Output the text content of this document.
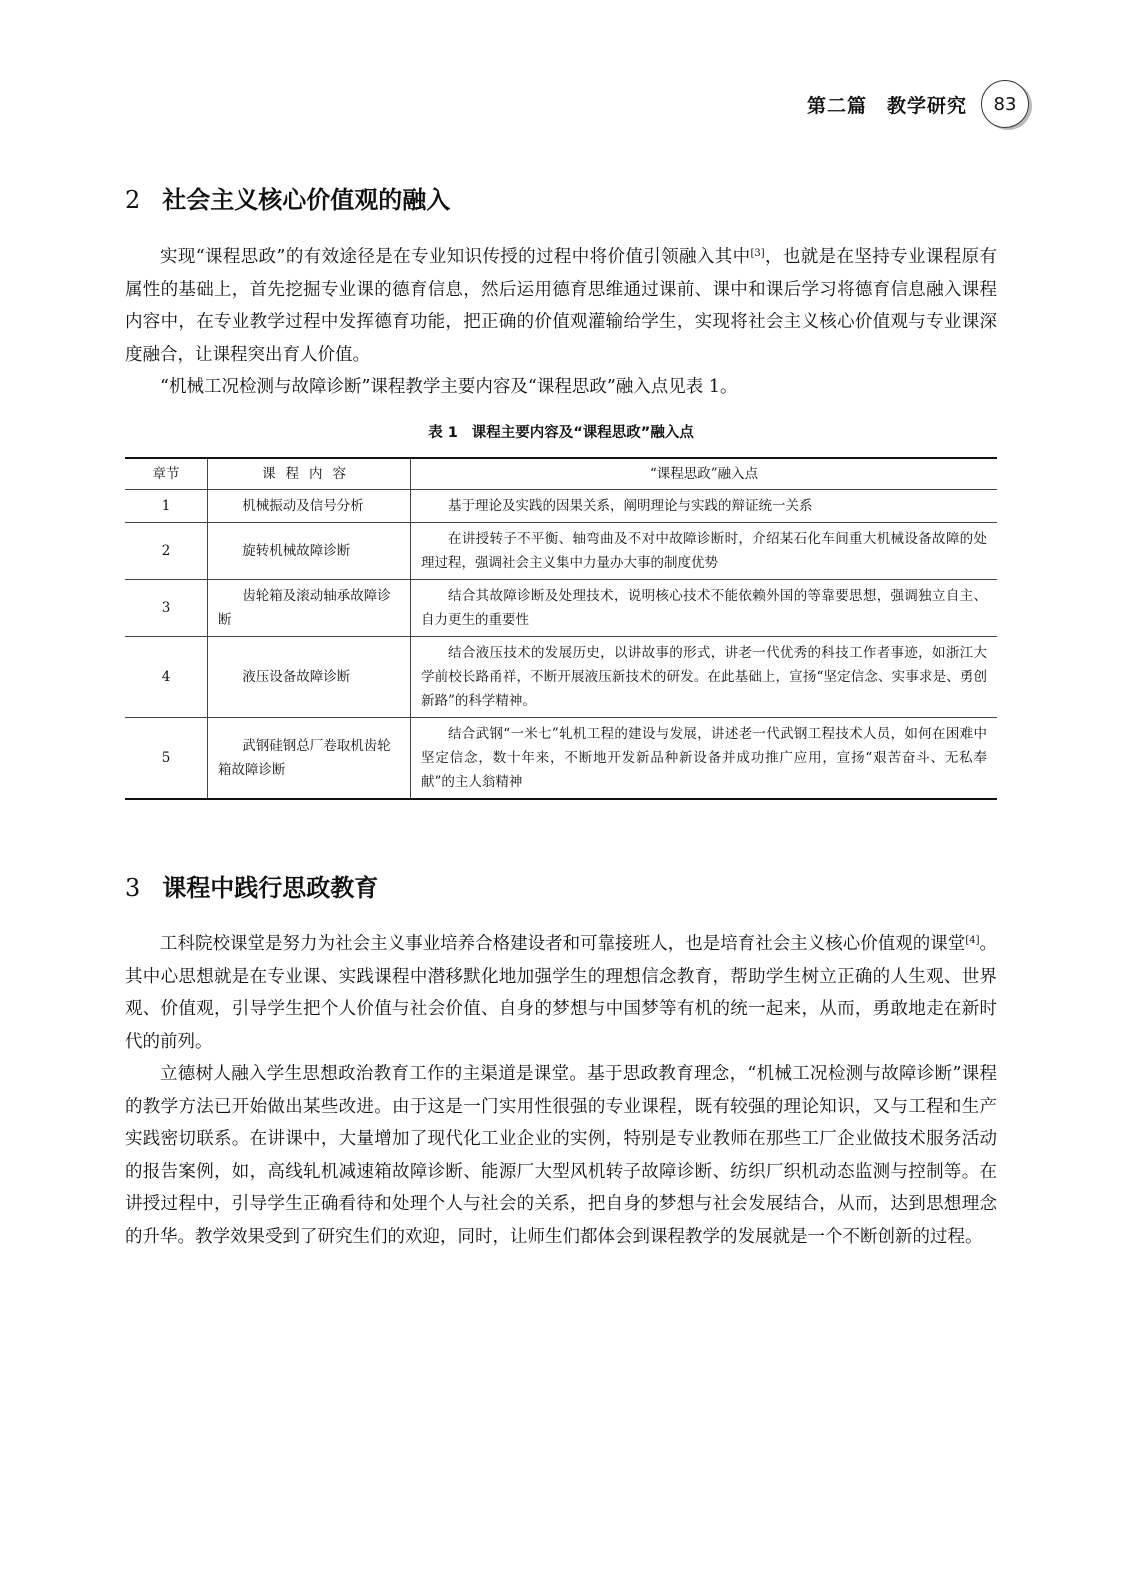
第二篇　教学研究	83
2 社会主义核心价值观的融入

实现“课程思政”的有效途径是在专业知识传授的过程中将价值引领融入其中[3]，也就是在坚持专业课程原有属性的基础上，首先挖掘专业课的德育信息，然后运用德育思维通过课前、课中和课后学习将德育信息融入课程内容中，在专业教学过程中发挥德育功能，把正确的价值观灌输给学生，实现将社会主义核心价值观与专业课深度融合，让课程突出育人价值。

“机械工况检测与故障诊断”课程教学主要内容及“课程思政”融入点见表 1。

表 1 课程主要内容及“课程思政”融入点

章节	课程内容	“课程思政”融入点
1	机械振动及信号分析	基于理论及实践的因果关系，阐明理论与实践的辩证统一关系
2	旋转机械故障诊断	在讲授转子不平衡、轴弯曲及不对中故障诊断时，介绍某石化车间重大机械设备故障的处理过程，强调社会主义集中力量办大事的制度优势
3	齿轮箱及滚动轴承故障诊断	结合其故障诊断及处理技术，说明核心技术不能依赖外国的等靠要思想，强调独立自主、自力更生的重要性
4	液压设备故障诊断	结合液压技术的发展历史，以讲故事的形式，讲老一代优秀的科技工作者事迹，如浙江大学前校长路甬祥，不断开展液压新技术的研发。在此基础上，宣扬“坚定信念、实事求是、勇创新路”的科学精神。
5	武钢硅钢总厂卷取机齿轮箱故障诊断	结合武钢“一米七”轧机工程的建设与发展，讲述老一代武钢工程技术人员，如何在困难中坚定信念，数十年来，不断地开发新品种新设备并成功推广应用，宣扬“艰苦奋斗、无私奉献”的主人翁精神
3 课程中践行思政教育

工科院校课堂是努力为社会主义事业培养合格建设者和可靠接班人，也是培育社会主义核心价值观的课堂[4]。其中心思想就是在专业课、实践课程中潜移默化地加强学生的理想信念教育，帮助学生树立正确的人生观、世界观、价值观，引导学生把个人价值与社会价值、自身的梦想与中国梦等有机的统一起来，从而，勇敢地走在新时代的前列。

立德树人融入学生思想政治教育工作的主渠道是课堂。基于思政教育理念，“机械工况检测与故障诊断”课程的教学方法已开始做出某些改进。由于这是一门实用性很强的专业课程，既有较强的理论知识，又与工程和生产实践密切联系。在讲课中，大量增加了现代化工业企业的实例，特别是专业教师在那些工厂企业做技术服务活动的报告案例，如，高线轧机减速箱故障诊断、能源厂大型风机转子故障诊断、纺织厂织机动态监测与控制等。在讲授过程中，引导学生正确看待和处理个人与社会的关系，把自身的梦想与社会发展结合，从而，达到思想理念的升华。教学效果受到了研究生们的欢迎，同时，让师生们都体会到课程教学的发展就是一个不断创新的过程。
